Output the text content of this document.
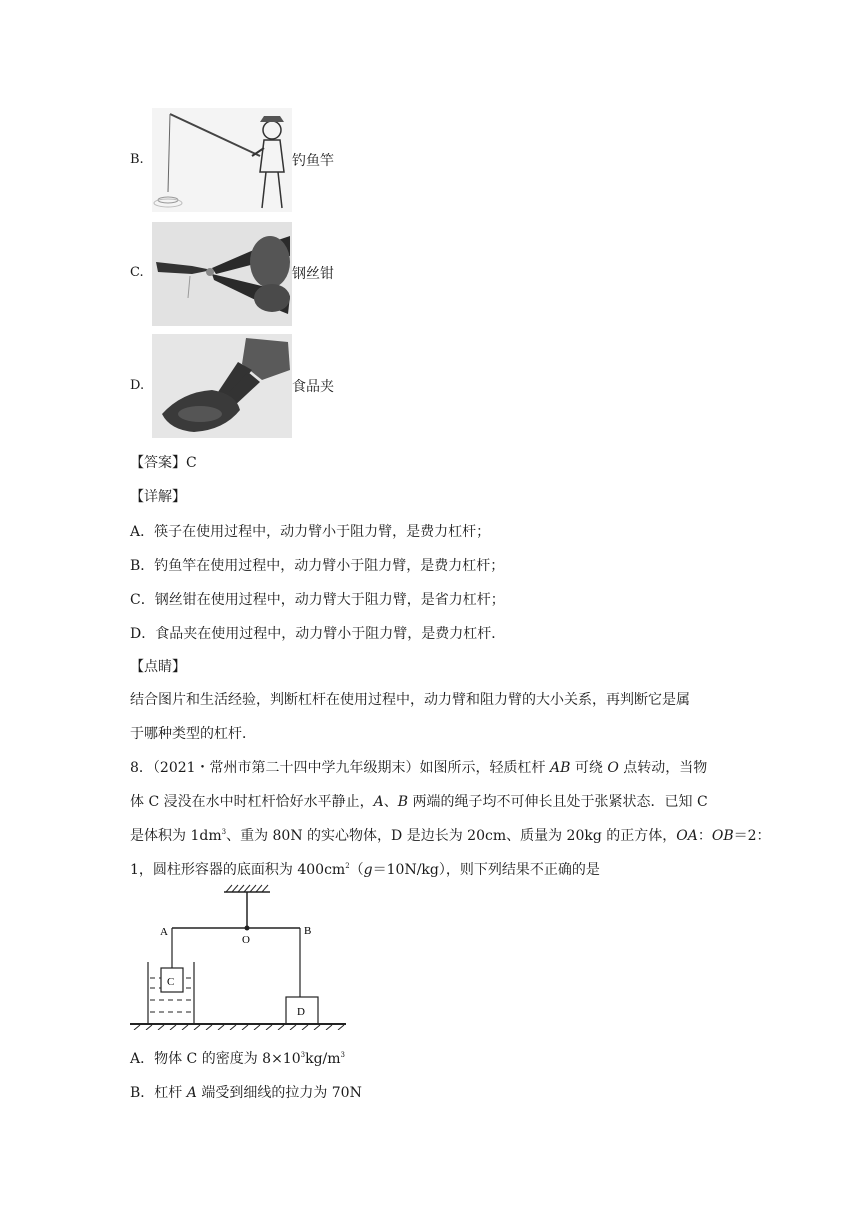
B.	钓鱼竿
C.	钢丝钳
D.	食品夹
【答案】C
【详解】
A．筷子在使用过程中，动力臂小于阻力臂，是费力杠杆；
B．钓鱼竿在使用过程中，动力臂小于阻力臂，是费力杠杆；
C．钢丝钳在使用过程中，动力臂大于阻力臂，是省力杠杆；
D．食品夹在使用过程中，动力臂小于阻力臂，是费力杠杆．
【点睛】
结合图片和生活经验，判断杠杆在使用过程中，动力臂和阻力臂的大小关系，再判断它是属
于哪种类型的杠杆．
8．（2021・常州市第二十四中学九年级期末）如图所示，轻质杠杆 AB 可绕 O 点转动，当物
体 C 浸没在水中时杠杆恰好水平静止，A、B 两端的绳子均不可伸长且处于张紧状态．已知 C
是体积为 $1dm^3$、重为 80N 的实心物体，D 是边长为 20cm、质量为 20kg 的正方体，OA：OB＝2：
1，圆柱形容器的底面积为 $400cm^2(g=10N/kg)$，则下列结果不正确的是
A
O
B
C
D
A．物体 C 的密度为 $8\times 10^3kg/m^3$
B．杠杆 A 端受到细线的拉力为 70N
